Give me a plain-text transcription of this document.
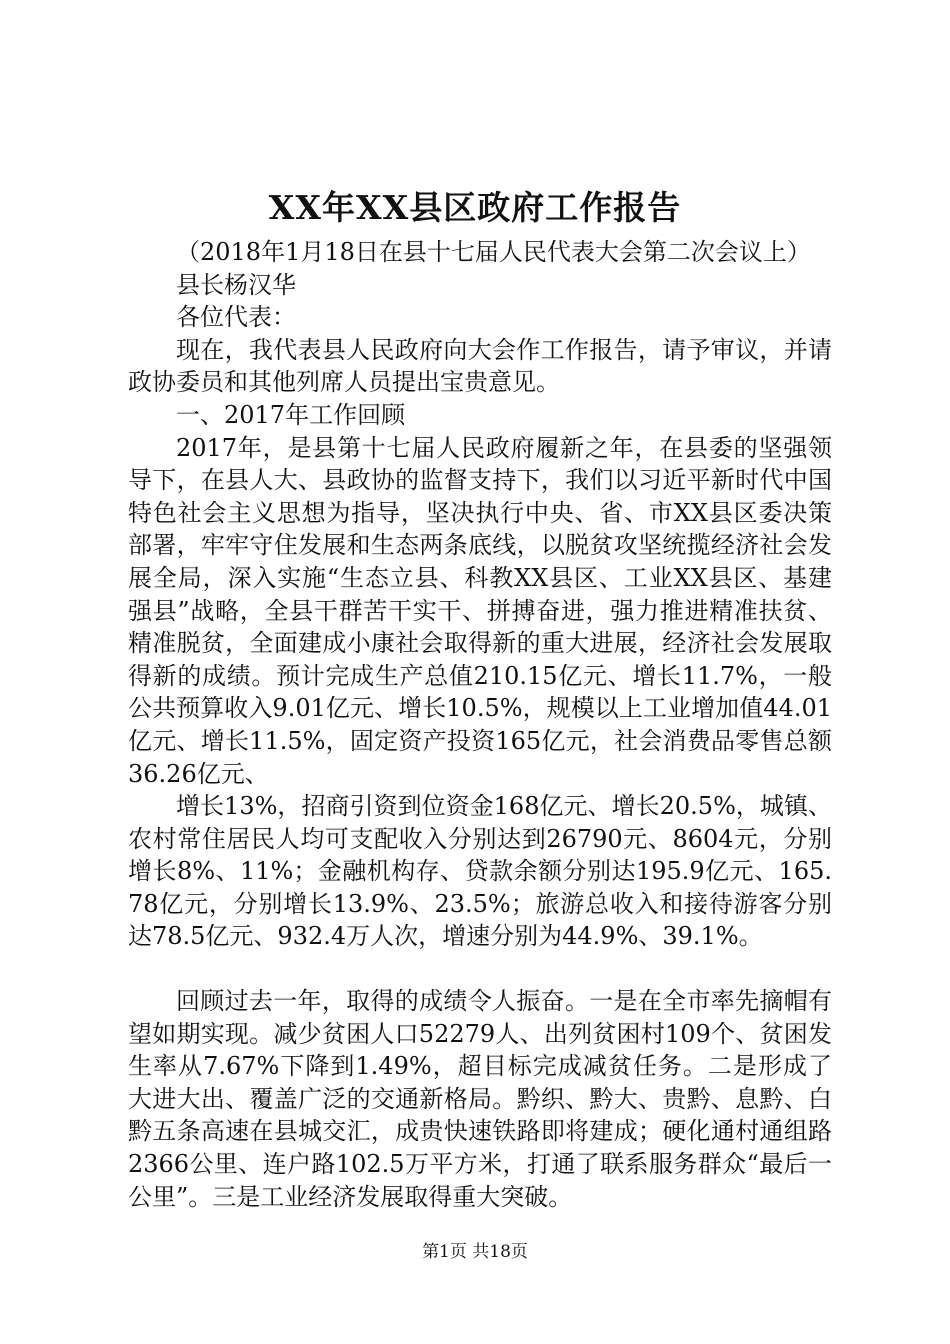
XX年XX县区政府工作报告

（2018年1月18日在县十七届人民代表大会第二次会议上）

县长杨汉华

各位代表：

现在，我代表县人民政府向大会作工作报告，请予审议，并请政协委员和其他列席人员提出宝贵意见。

一、2017年工作回顾

2017年，是县第十七届人民政府履新之年，在县委的坚强领导下，在县人大、县政协的监督支持下，我们以习近平新时代中国特色社会主义思想为指导，坚决执行中央、省、市XX县区委决策部署，牢牢守住发展和生态两条底线，以脱贫攻坚统揽经济社会发展全局，深入实施“生态立县、科教XX县区、工业XX县区、基建强县”战略，全县干群苦干实干、拼搏奋进，强力推进精准扶贫、精准脱贫，全面建成小康社会取得新的重大进展，经济社会发展取得新的成绩。预计完成生产总值210.15亿元、增长11.7%，一般公共预算收入9.01亿元、增长10.5%，规模以上工业增加值44.01亿元、增长11.5%，固定资产投资165亿元，社会消费品零售总额36.26亿元、

增长13%，招商引资到位资金168亿元、增长20.5%，城镇、农村常住居民人均可支配收入分别达到26790元、8604元，分别增长8%、11%；金融机构存、贷款余额分别达195.9亿元、165.78亿元，分别增长13.9%、23.5%；旅游总收入和接待游客分别达78.5亿元、932.4万人次，增速分别为44.9%、39.1%。

回顾过去一年，取得的成绩令人振奋。一是在全市率先摘帽有望如期实现。减少贫困人口52279人、出列贫困村109个、贫困发生率从7.67%下降到1.49%，超目标完成减贫任务。二是形成了大进大出、覆盖广泛的交通新格局。黔织、黔大、贵黔、息黔、白黔五条高速在县城交汇，成贵快速铁路即将建成；硬化通村通组路2366公里、连户路102.5万平方米，打通了联系服务群众“最后一公里”。三是工业经济发展取得重大突破。

第1页 共18页
